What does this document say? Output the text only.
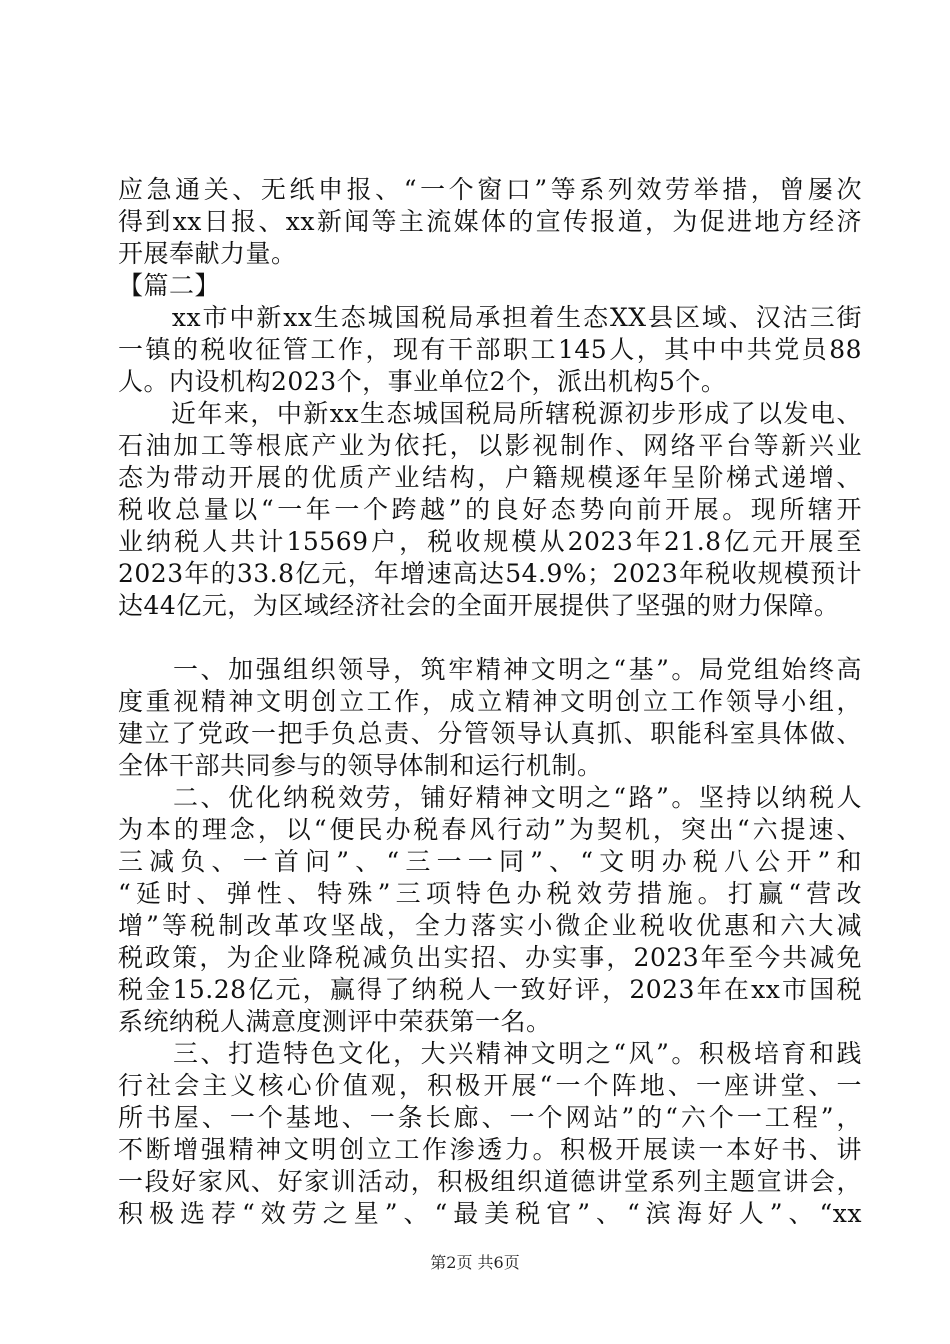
应急通关、无纸申报、“一个窗口”等系列效劳举措，曾屡次
得到xx日报、xx新闻等主流媒体的宣传报道，为促进地方经济
开展奉献力量。
【篇二】
　　xx市中新xx生态城国税局承担着生态XX县区域、汉沽三街
一镇的税收征管工作，现有干部职工145人，其中中共党员88
人。内设机构2023个，事业单位2个，派出机构5个。
　　近年来，中新xx生态城国税局所辖税源初步形成了以发电、
石油加工等根底产业为依托，以影视制作、网络平台等新兴业
态为带动开展的优质产业结构，户籍规模逐年呈阶梯式递增、
税收总量以“一年一个跨越”的良好态势向前开展。现所辖开
业纳税人共计15569户，税收规模从2023年21.8亿元开展至
2023年的33.8亿元，年增速高达54.9%；2023年税收规模预计
达44亿元，为区域经济社会的全面开展提供了坚强的财力保障。
　　一、加强组织领导，筑牢精神文明之“基”。局党组始终高
度重视精神文明创立工作，成立精神文明创立工作领导小组，
建立了党政一把手负总责、分管领导认真抓、职能科室具体做、
全体干部共同参与的领导体制和运行机制。
　　二、优化纳税效劳，铺好精神文明之“路”。坚持以纳税人
为本的理念，以“便民办税春风行动”为契机，突出“六提速、
三减负、一首问”、“三一一同”、“文明办税八公开”和
“延时、弹性、特殊”三项特色办税效劳措施。打赢“营改
增”等税制改革攻坚战，全力落实小微企业税收优惠和六大减
税政策，为企业降税减负出实招、办实事，2023年至今共减免
税金15.28亿元，赢得了纳税人一致好评，2023年在xx市国税
系统纳税人满意度测评中荣获第一名。
　　三、打造特色文化，大兴精神文明之“风”。积极培育和践
行社会主义核心价值观，积极开展“一个阵地、一座讲堂、一
所书屋、一个基地、一条长廊、一个网站”的“六个一工程”，
不断增强精神文明创立工作渗透力。积极开展读一本好书、讲
一段好家风、好家训活动，积极组织道德讲堂系列主题宣讲会，
积极选荐“效劳之星”、“最美税官”、“滨海好人”、“xx
第2页 共6页
